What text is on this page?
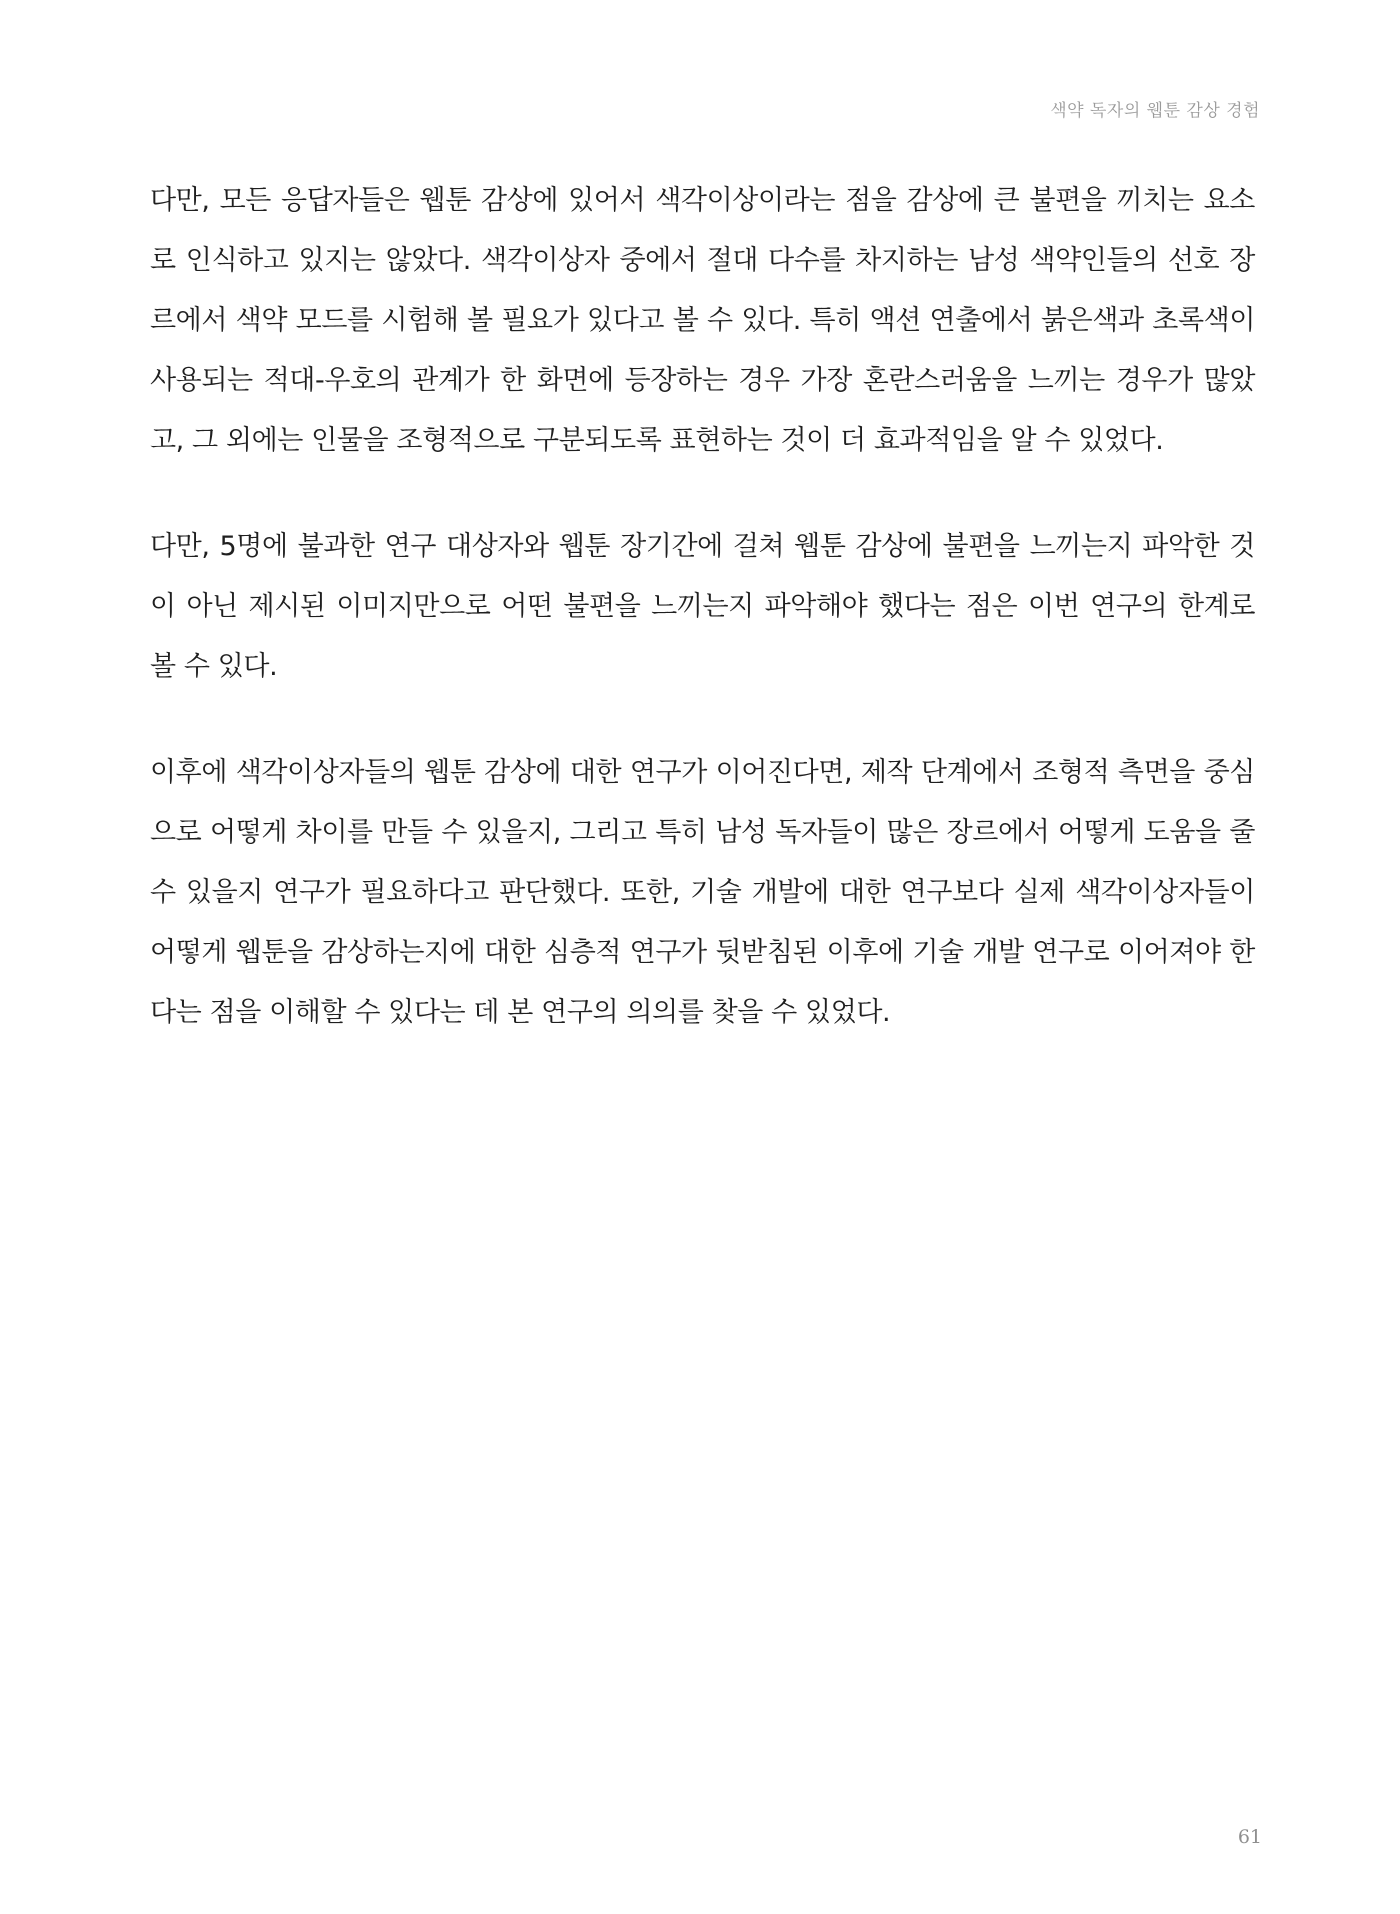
색약 독자의 웹툰 감상 경험
다만, 모든 응답자들은 웹툰 감상에 있어서 색각이상이라는 점을 감상에 큰 불편을 끼치는 요소
로 인식하고 있지는 않았다. 색각이상자 중에서 절대 다수를 차지하는 남성 색약인들의 선호 장
르에서 색약 모드를 시험해 볼 필요가 있다고 볼 수 있다. 특히 액션 연출에서 붉은색과 초록색이
사용되는 적대-우호의 관계가 한 화면에 등장하는 경우 가장 혼란스러움을 느끼는 경우가 많았
고, 그 외에는 인물을 조형적으로 구분되도록 표현하는 것이 더 효과적임을 알 수 있었다.
다만, 5명에 불과한 연구 대상자와 웹툰 장기간에 걸쳐 웹툰 감상에 불편을 느끼는지 파악한 것
이 아닌 제시된 이미지만으로 어떤 불편을 느끼는지 파악해야 했다는 점은 이번 연구의 한계로
볼 수 있다.
이후에 색각이상자들의 웹툰 감상에 대한 연구가 이어진다면, 제작 단계에서 조형적 측면을 중심
으로 어떻게 차이를 만들 수 있을지, 그리고 특히 남성 독자들이 많은 장르에서 어떻게 도움을 줄
수 있을지 연구가 필요하다고 판단했다. 또한, 기술 개발에 대한 연구보다 실제 색각이상자들이
어떻게 웹툰을 감상하는지에 대한 심층적 연구가 뒷받침된 이후에 기술 개발 연구로 이어져야 한
다는 점을 이해할 수 있다는 데 본 연구의 의의를 찾을 수 있었다.
61
